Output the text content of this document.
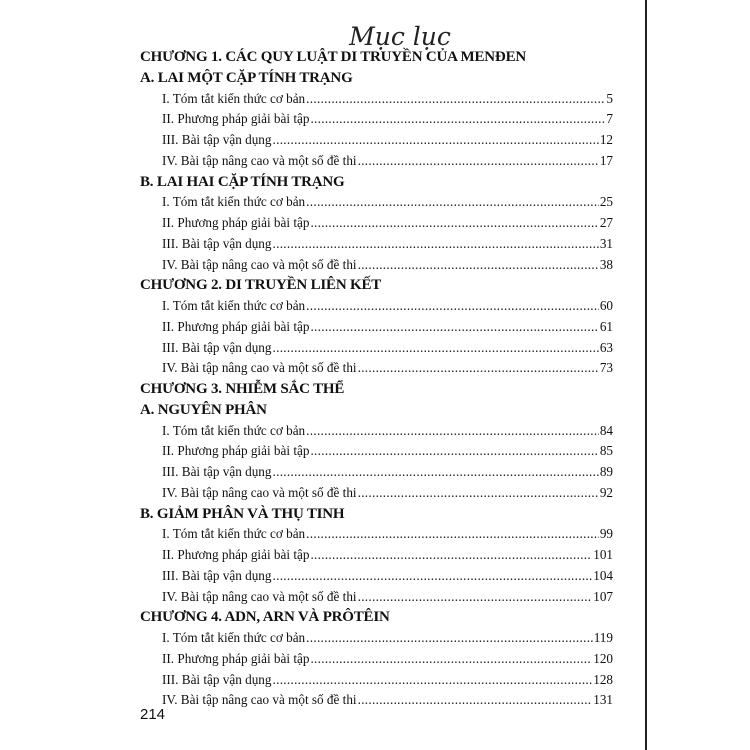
Mục lục
CHƯƠNG 1. CÁC QUY LUẬT DI TRUYỀN CỦA MENĐEN
A. LAI MỘT CẶP TÍNH TRẠNG
I. Tóm tắt kiến thức cơ bản .....	5
II. Phương pháp giải bài tập .....	7
III. Bài tập vận dụng .....	12
IV. Bài tập nâng cao và một số đề thi .....	17
B. LAI HAI CẶP TÍNH TRẠNG
I. Tóm tắt kiến thức cơ bản .....	25
II. Phương pháp giải bài tập .....	27
III. Bài tập vận dụng .....	31
IV. Bài tập nâng cao và một số đề thi .....	38
CHƯƠNG 2. DI TRUYỀN LIÊN KẾT
I. Tóm tắt kiến thức cơ bản .....	60
II. Phương pháp giải bài tập .....	61
III. Bài tập vận dụng .....	63
IV. Bài tập nâng cao và một số đề thi .....	73
CHƯƠNG 3. NHIỄM SẮC THỂ
A. NGUYÊN PHÂN
I. Tóm tắt kiến thức cơ bản .....	84
II. Phương pháp giải bài tập .....	85
III. Bài tập vận dụng .....	89
IV. Bài tập nâng cao và một số đề thi .....	92
B. GIẢM PHÂN VÀ THỤ TINH
I. Tóm tắt kiến thức cơ bản .....	99
II. Phương pháp giải bài tập .....	101
III. Bài tập vận dụng .....	104
IV. Bài tập nâng cao và một số đề thi .....	107
CHƯƠNG 4. ADN, ARN VÀ PRÔTÊIN
I. Tóm tắt kiến thức cơ bản .....	119
II. Phương pháp giải bài tập .....	120
III. Bài tập vận dụng .....	128
IV. Bài tập nâng cao và một số đề thi .....	131
214
